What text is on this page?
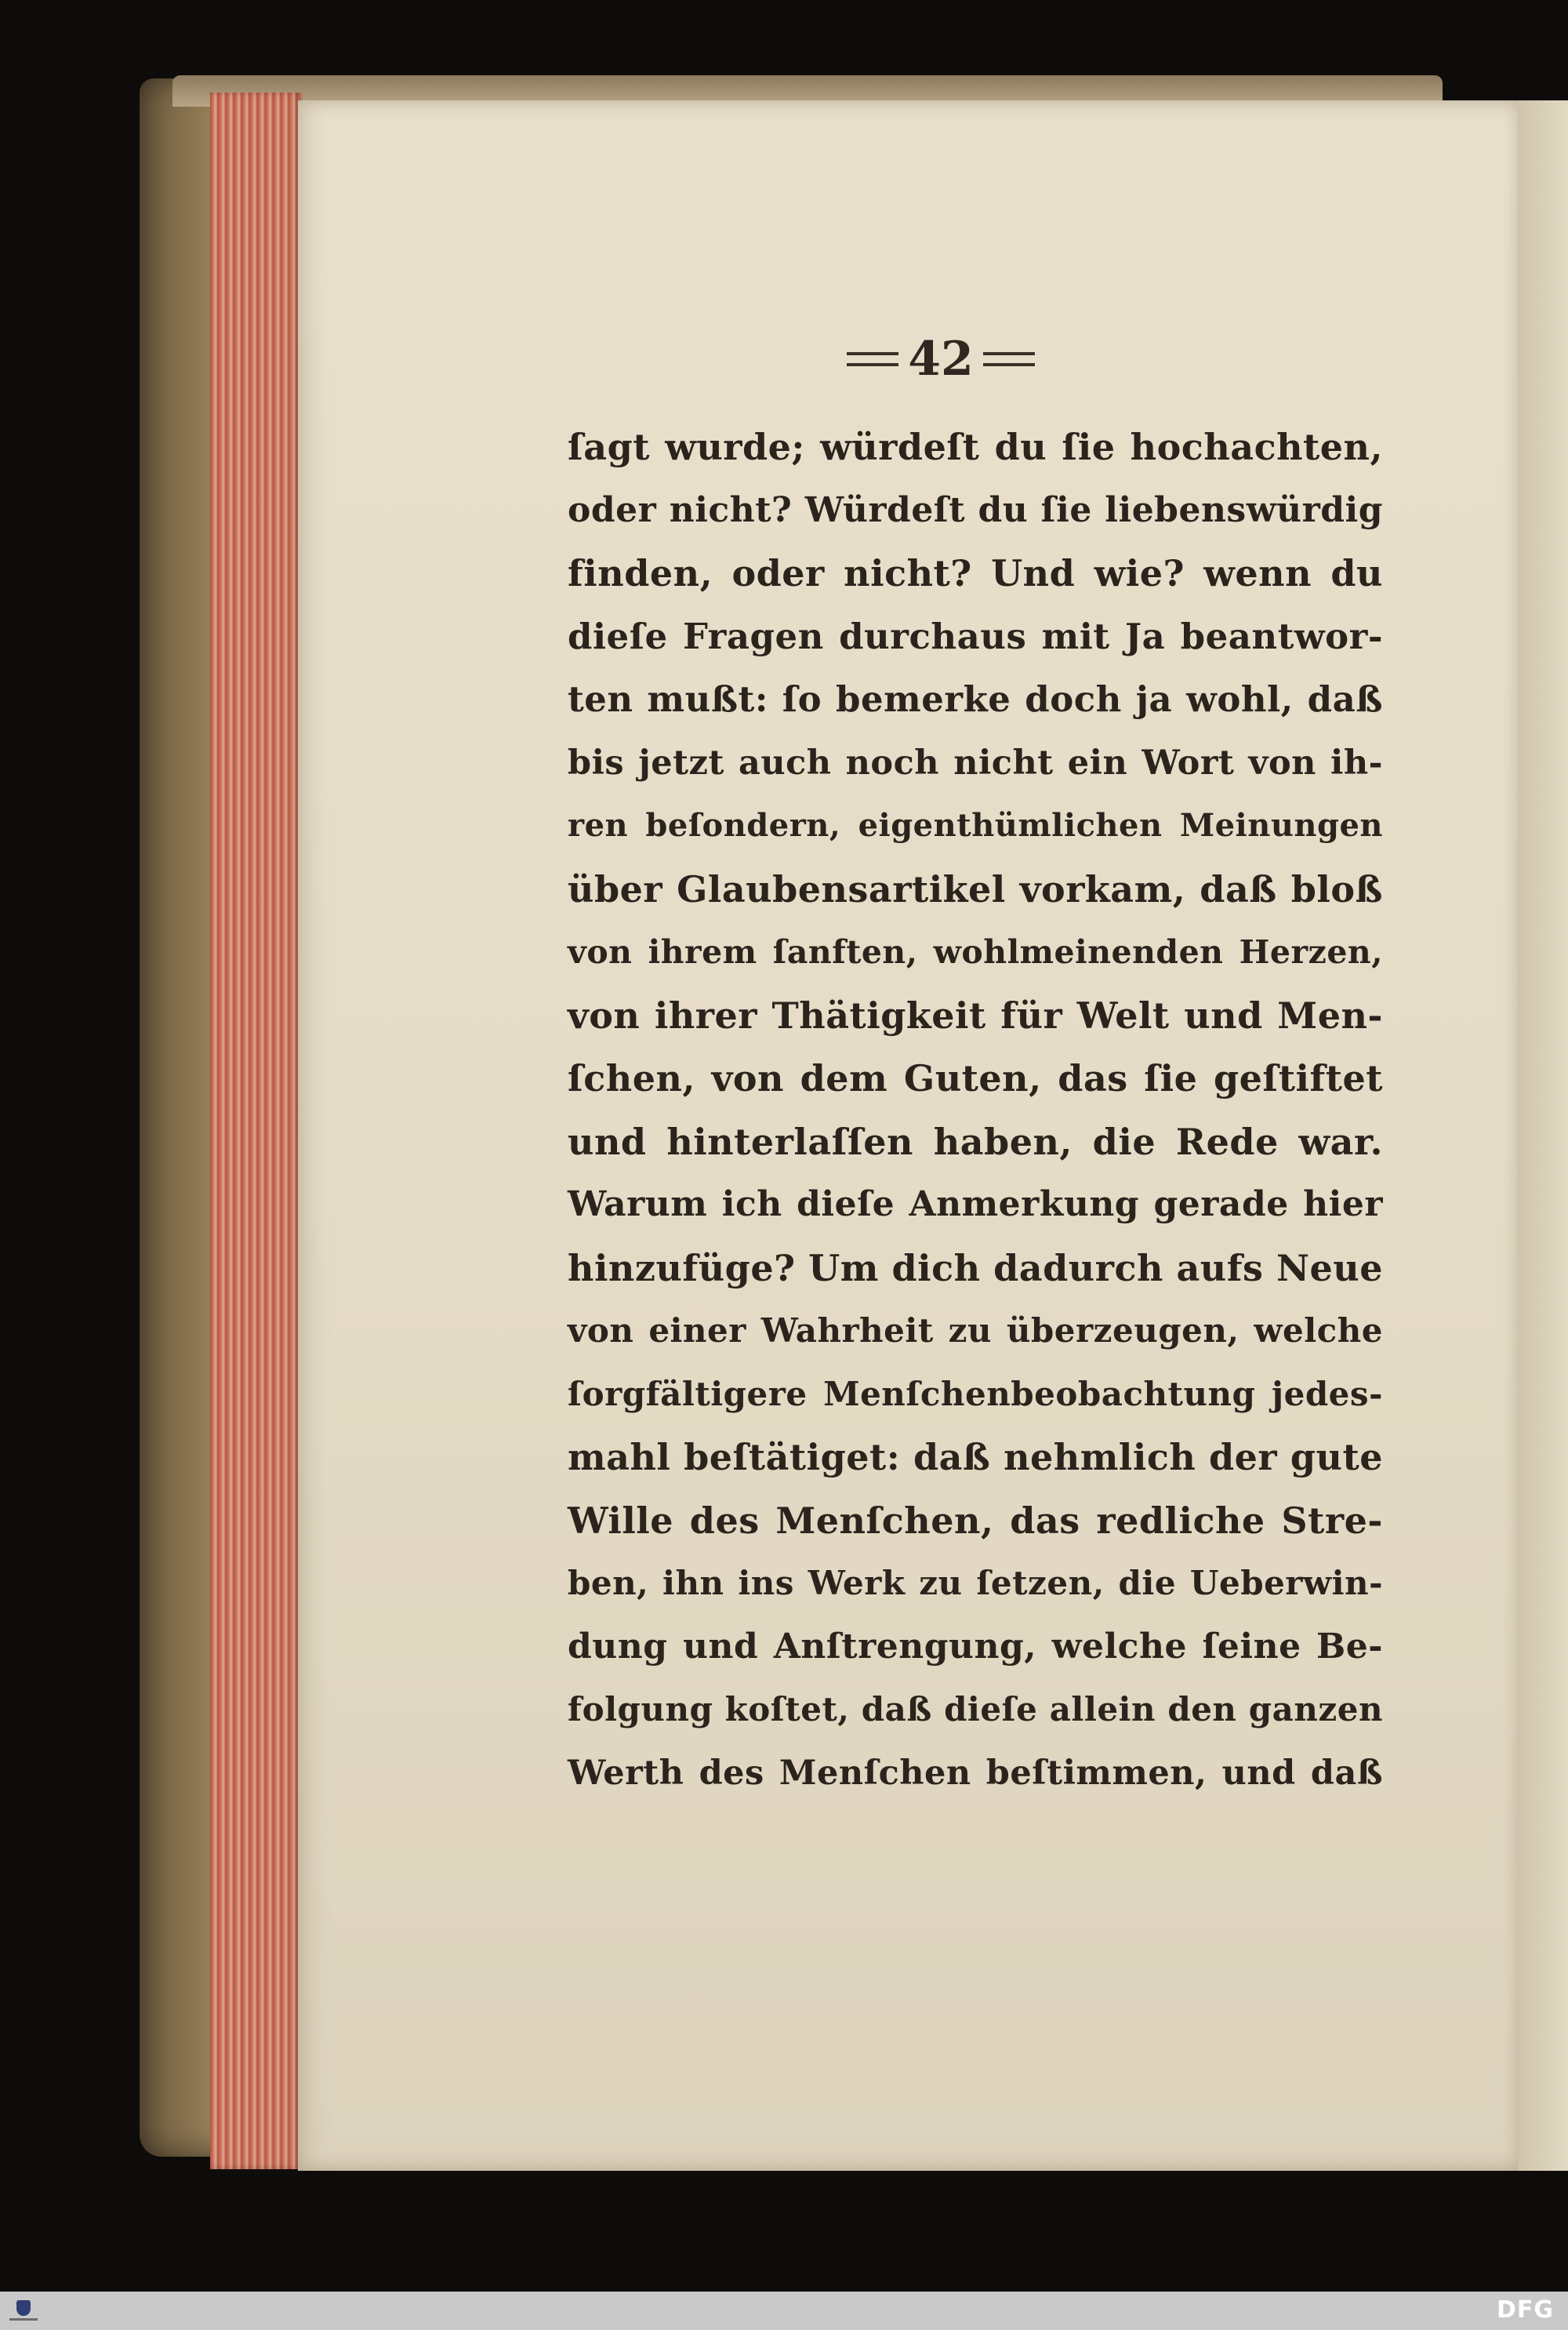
42
ſagt wurde; würdeſt du ſie hochachten,
oder nicht? Würdeſt du ſie liebenswürdig
finden, oder nicht? Und wie? wenn du
dieſe Fragen durchaus mit Ja beantwor-
ten mußt: ſo bemerke doch ja wohl, daß
bis jetzt auch noch nicht ein Wort von ih-
ren beſondern, eigenthümlichen Meinungen
über Glaubensartikel vorkam, daß bloß
von ihrem ſanften, wohlmeinenden Herzen,
von ihrer Thätigkeit für Welt und Men-
ſchen, von dem Guten, das ſie geſtiftet
und hinterlaſſen haben, die Rede war.
Warum ich dieſe Anmerkung gerade hier
hinzufüge? Um dich dadurch aufs Neue
von einer Wahrheit zu überzeugen, welche
ſorgfältigere Menſchenbeobachtung jedes-
mahl beſtätiget: daß nehmlich der gute
Wille des Menſchen, das redliche Stre-
ben, ihn ins Werk zu ſetzen, die Ueberwin-
dung und Anſtrengung, welche ſeine Be-
folgung koſtet, daß dieſe allein den ganzen
Werth des Menſchen beſtimmen, und daß
DFG
